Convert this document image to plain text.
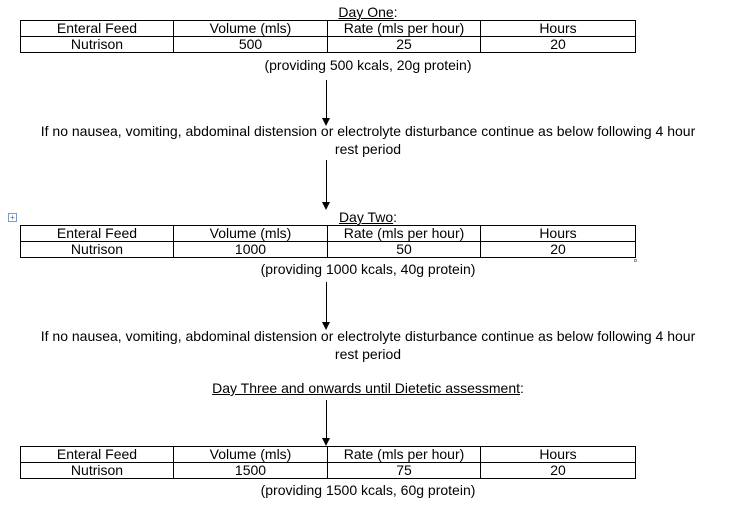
Day One:
Enteral Feed	Volume (mls)	Rate (mls per hour)	Hours
Nutrison	500	25	20
(providing 500 kcals, 20g protein)
If no nausea, vomiting, abdominal distension or electrolyte disturbance continue as below following 4 hour
rest period
+	Day Two:
Enteral Feed	Volume (mls)	Rate (mls per hour)	Hours
Nutrison	1000	50	20
(providing 1000 kcals, 40g protein)
If no nausea, vomiting, abdominal distension or electrolyte disturbance continue as below following 4 hour
rest period
Day Three and onwards until Dietetic assessment:
Enteral Feed	Volume (mls)	Rate (mls per hour)	Hours
Nutrison	1500	75	20
(providing 1500 kcals, 60g protein)
